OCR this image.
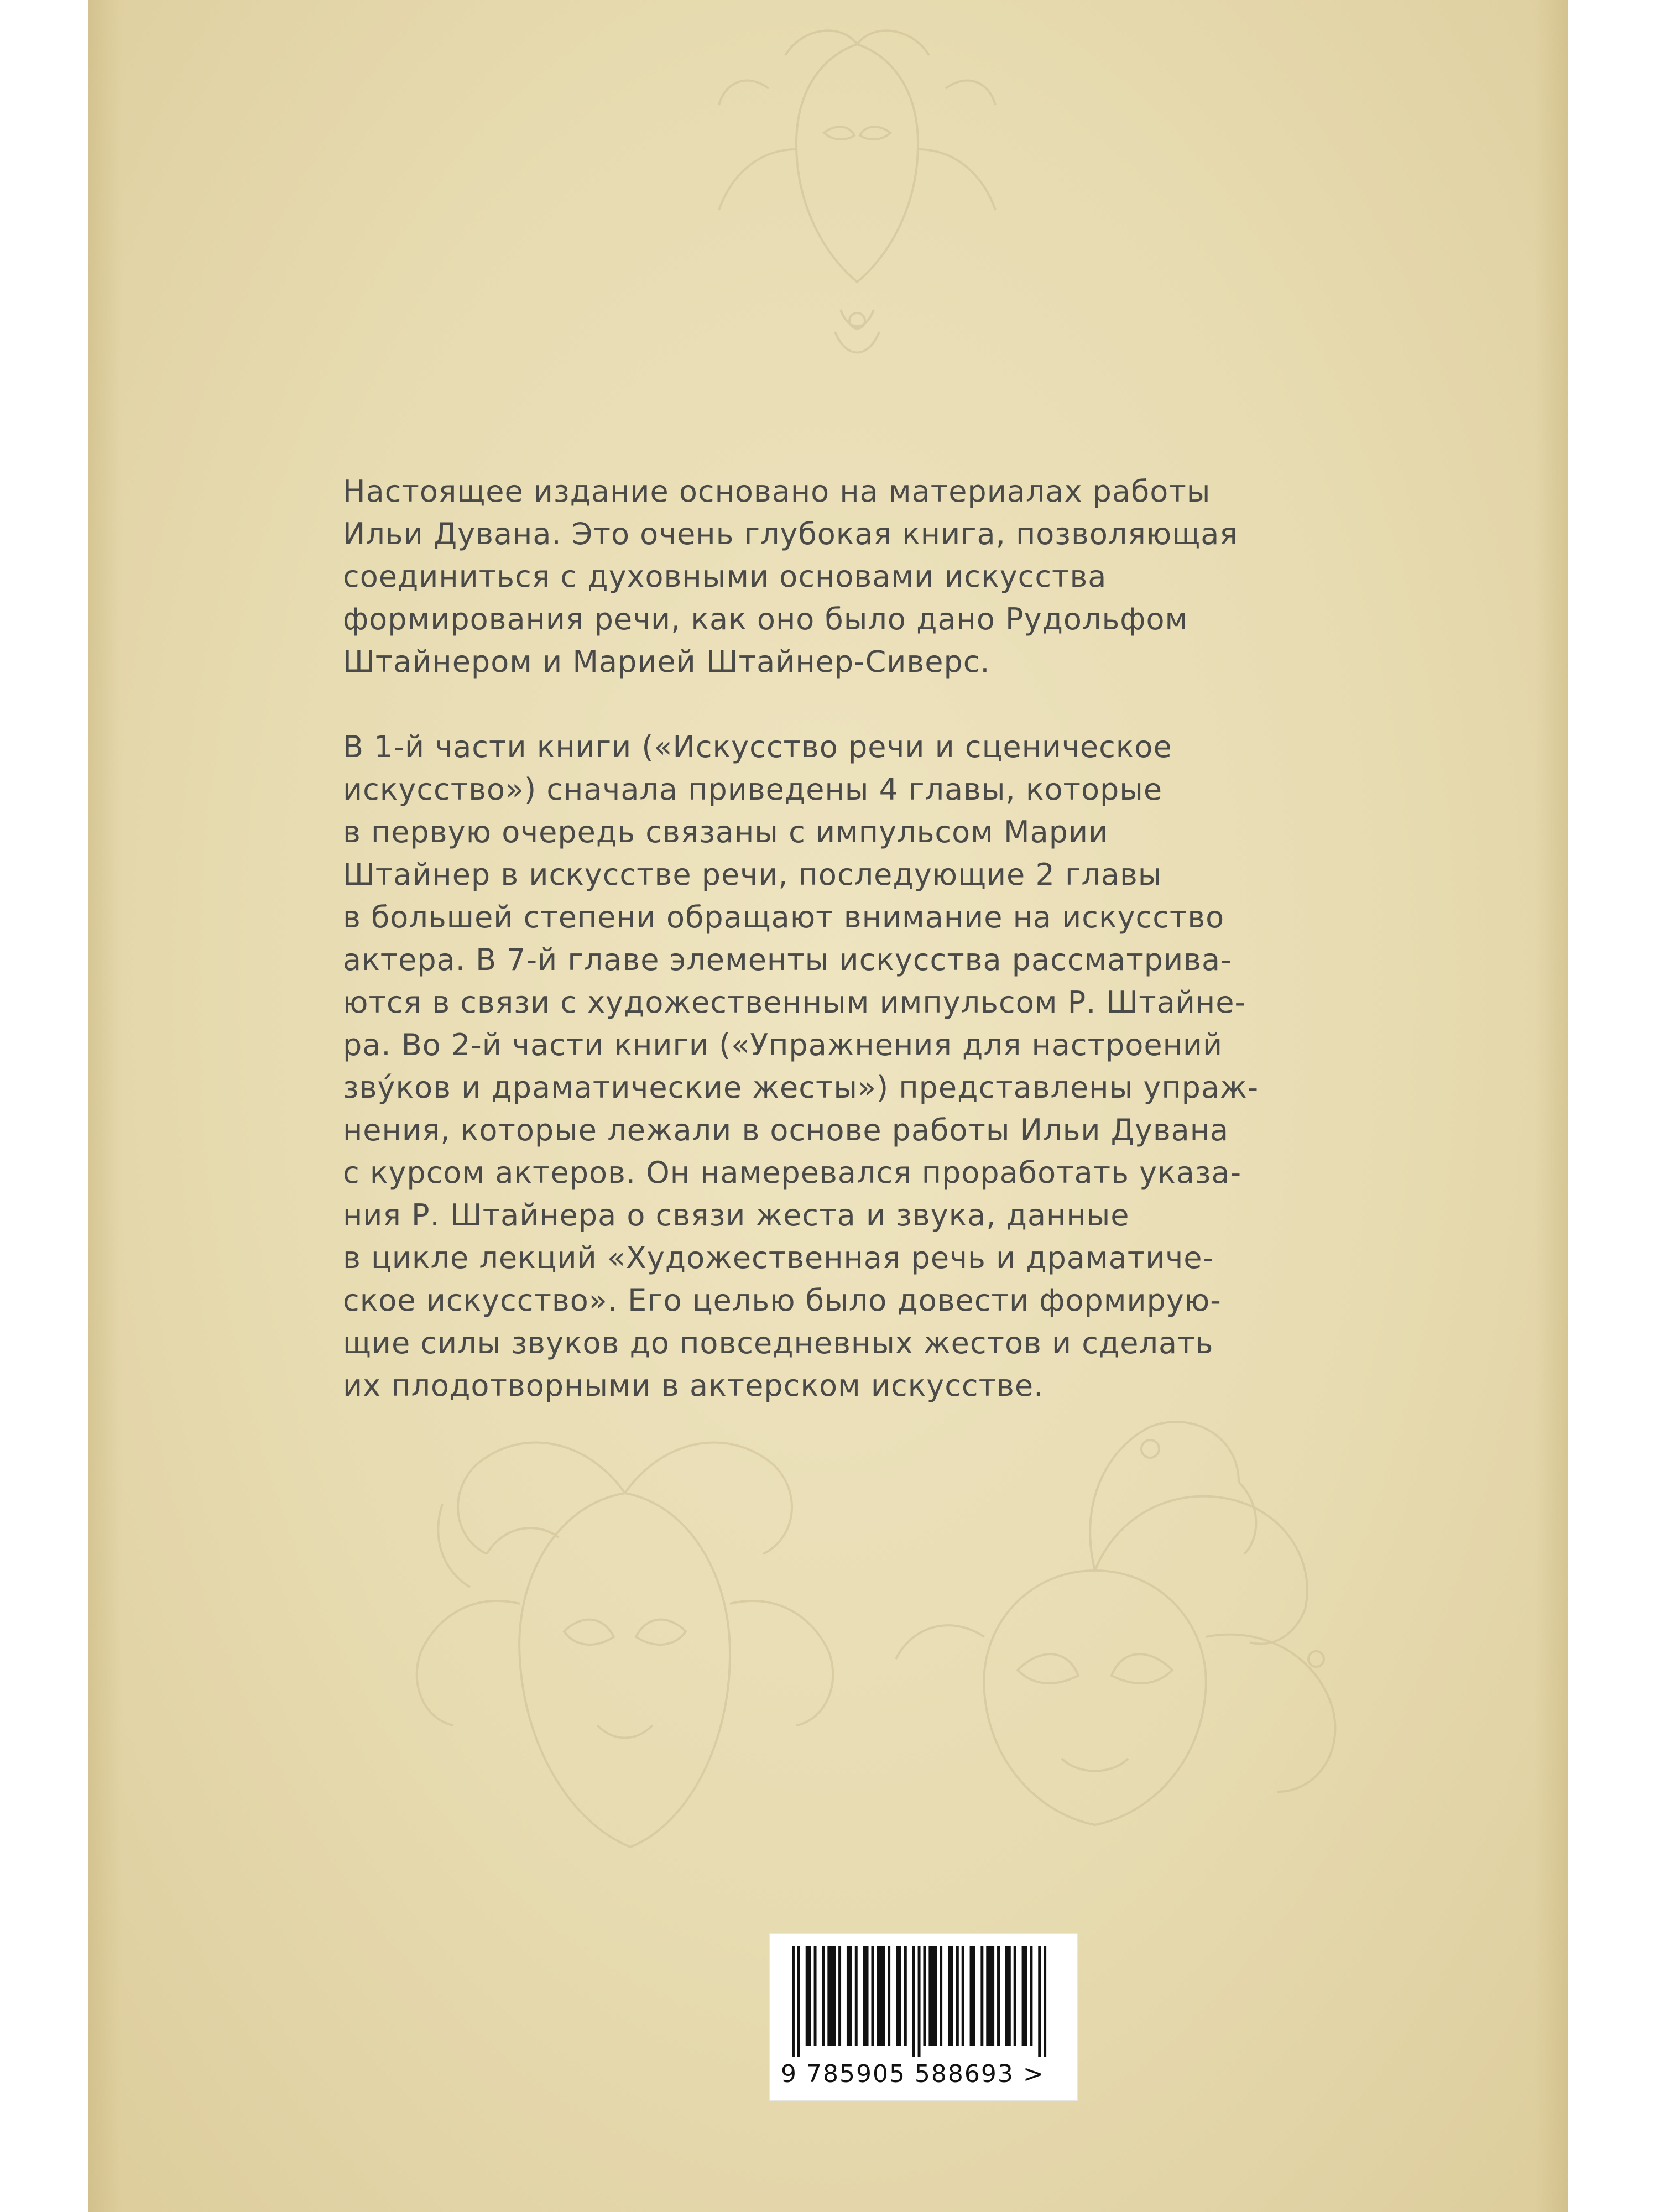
Настоящее издание основано на материалах работы
Ильи Дувана. Это очень глубокая книга, позволяющая
соединиться с духовными основами искусства
формирования речи, как оно было дано Рудольфом
Штайнером и Марией Штайнер-Сиверс.

В 1-й части книги («Искусство речи и сценическое
искусство») сначала приведены 4 главы, которые
в первую очередь связаны с импульсом Марии
Штайнер в искусстве речи, последующие 2 главы
в большей степени обращают внимание на искусство
актера. В 7-й главе элементы искусства рассматрива-
ются в связи с художественным импульсом Р. Штайне-
ра. Во 2-й части книги («Упражнения для настроений
зву́ков и драматические жесты») представлены упраж-
нения, которые лежали в основе работы Ильи Дувана
с курсом актеров. Он намеревался проработать указа-
ния Р. Штайнера о связи жеста и звука, данные
в цикле лекций «Художественная речь и драматиче-
ское искусство». Его целью было довести формирую-
щие силы звуков до повседневных жестов и сделать
их плодотворными в актерском искусстве.

9 785905 588693 >
